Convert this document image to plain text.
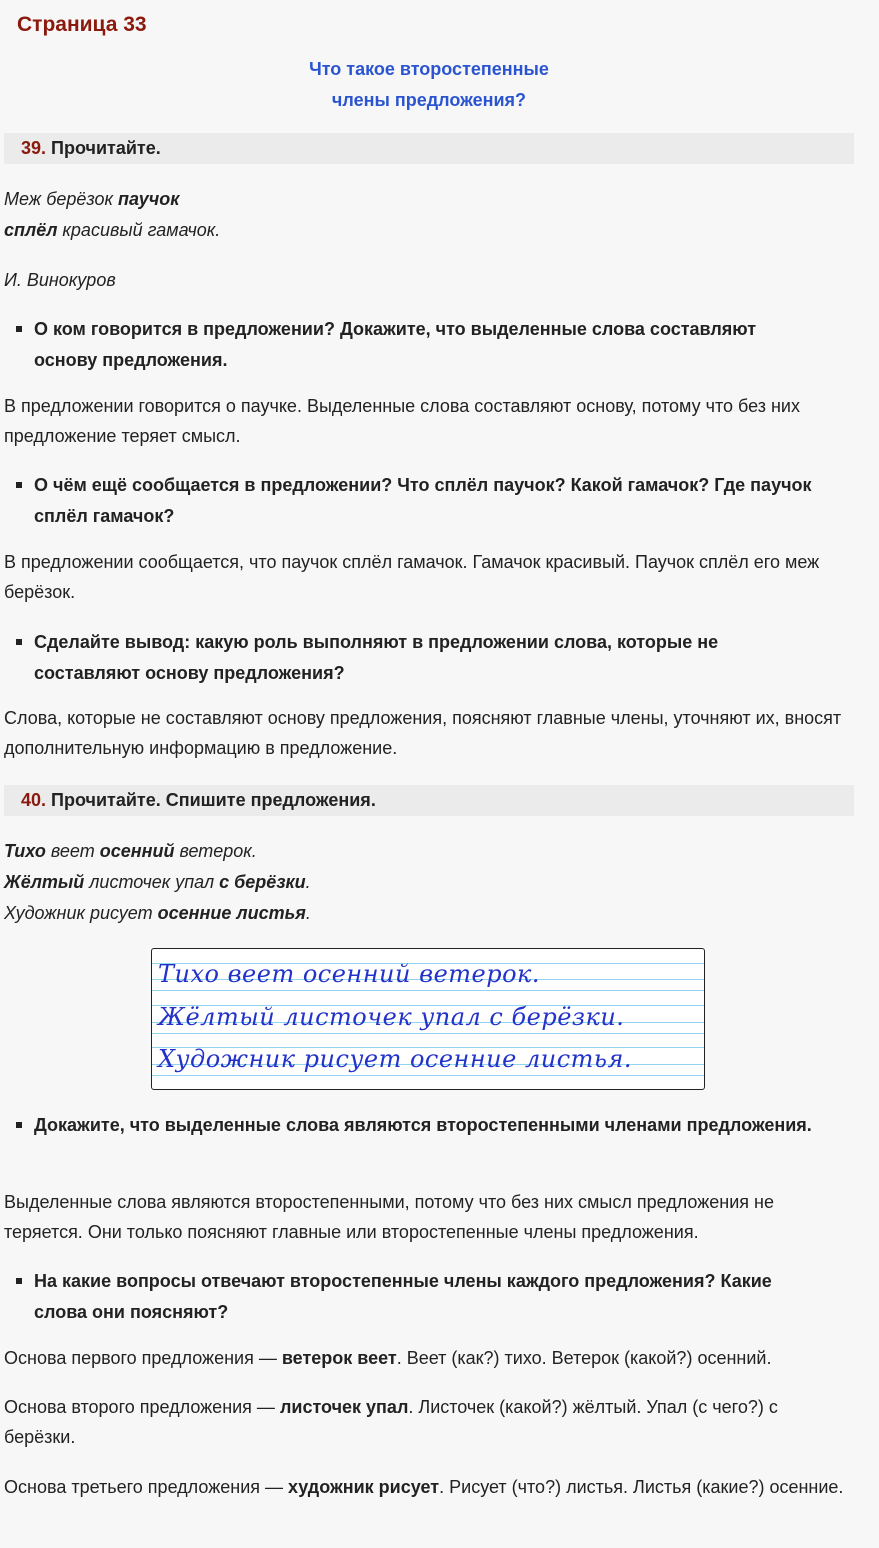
Страница 33
Что такое второстепенные
члены предложения?
39. Прочитайте.
Меж берёзок паучок
сплёл красивый гамачок.
И. Винокуров
О ком говорится в предложении? Докажите, что выделенные слова составляют основу предложения.
В предложении говорится о паучке. Выделенные слова составляют основу, потому что без них предложение теряет смысл.
О чём ещё сообщается в предложении? Что сплёл паучок? Какой гамачок? Где паучок сплёл гамачок?
В предложении сообщается, что паучок сплёл гамачок. Гамачок красивый. Паучок сплёл его меж берёзок.
Сделайте вывод: какую роль выполняют в предложении слова, которые не составляют основу предложения?
Слова, которые не составляют основу предложения, поясняют главные члены, уточняют их, вносят дополнительную информацию в предложение.
40. Прочитайте. Спишите предложения.
Тихо веет осенний ветерок.
Жёлтый листочек упал с берёзки.
Художник рисует осенние листья.
Тихо веет осенний ветерок.
Жёлтый листочек упал с берёзки.
Художник рисует осенние листья.
Докажите, что выделенные слова являются второстепенными членами предложения.
Выделенные слова являются второстепенными, потому что без них смысл предложения не теряется. Они только поясняют главные или второстепенные члены предложения.
На какие вопросы отвечают второстепенные члены каждого предложения? Какие слова они поясняют?
Основа первого предложения — ветерок веет. Веет (как?) тихо. Ветерок (какой?) осенний.
Основа второго предложения — листочек упал. Листочек (какой?) жёлтый. Упал (с чего?) с берёзки.
Основа третьего предложения — художник рисует. Рисует (что?) листья. Листья (какие?) осенние.
